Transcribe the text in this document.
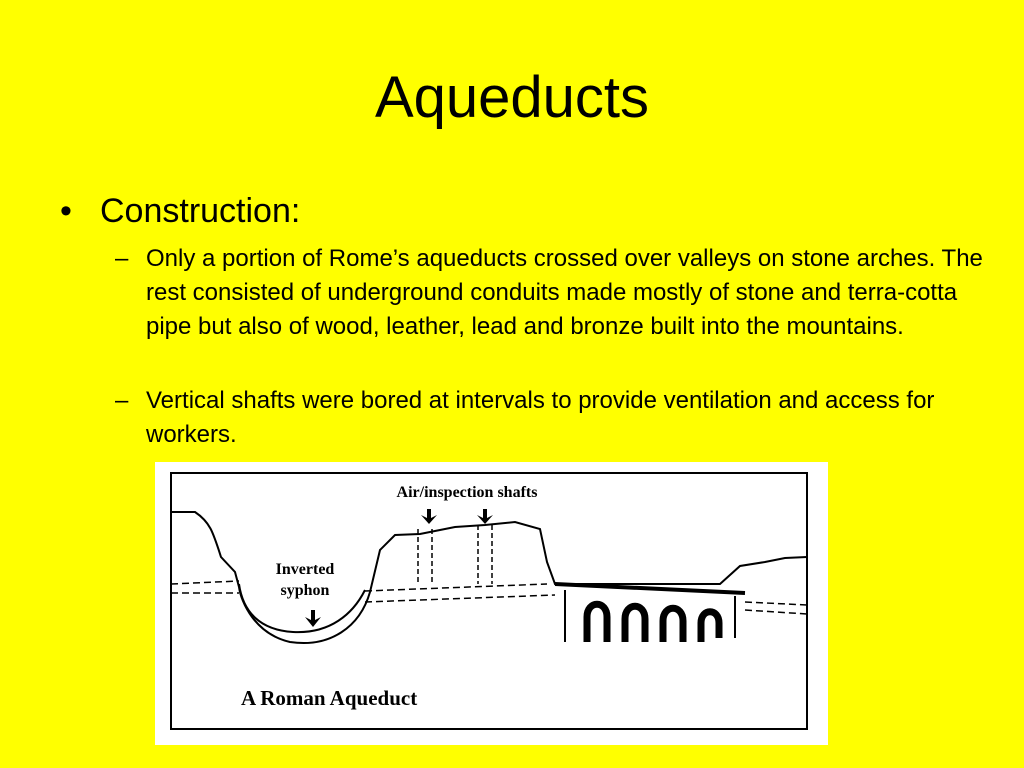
Aqueducts
• Construction:
– Only a portion of Rome’s aqueducts crossed over valleys on stone arches. The rest consisted of underground conduits made mostly of stone and terra-cotta pipe but also of wood, leather, lead and bronze built into the mountains.
– Vertical shafts were bored at intervals to provide ventilation and access for workers.
Air/inspection shafts
Inverted
syphon
A Roman Aqueduct
